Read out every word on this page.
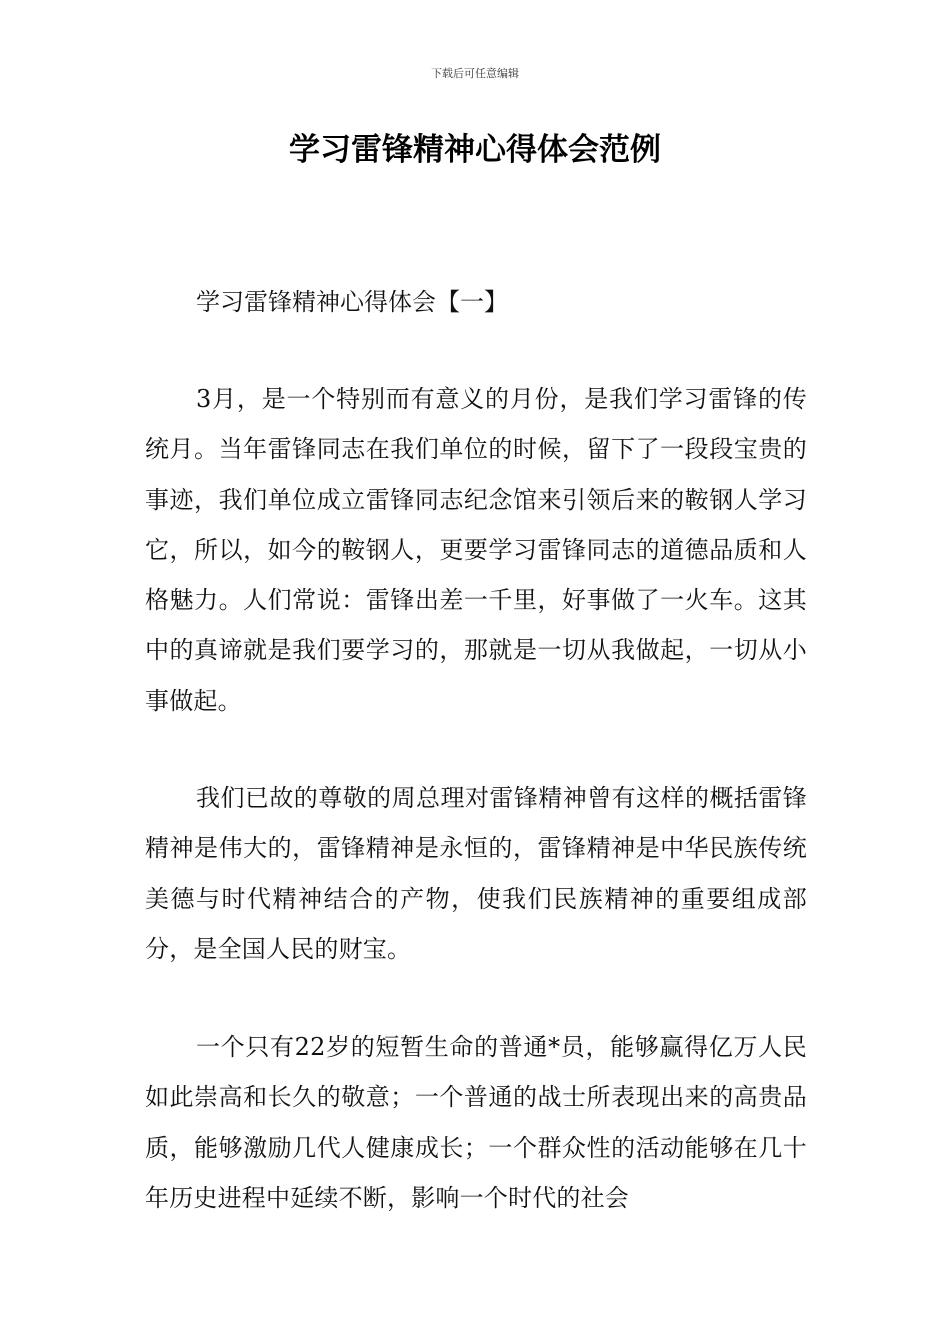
下载后可任意编辑
学习雷锋精神心得体会范例
学习雷锋精神心得体会【一】

3月，是一个特别而有意义的月份，是我们学习雷锋的传统月。当年雷锋同志在我们单位的时候，留下了一段段宝贵的事迹，我们单位成立雷锋同志纪念馆来引领后来的鞍钢人学习它，所以，如今的鞍钢人，更要学习雷锋同志的道德品质和人格魅力。人们常说：雷锋出差一千里，好事做了一火车。这其中的真谛就是我们要学习的，那就是一切从我做起，一切从小事做起。

我们已故的尊敬的周总理对雷锋精神曾有这样的概括雷锋精神是伟大的，雷锋精神是永恒的，雷锋精神是中华民族传统美德与时代精神结合的产物，使我们民族精神的重要组成部分，是全国人民的财宝。

一个只有22岁的短暂生命的普通*员，能够赢得亿万人民如此崇高和长久的敬意；一个普通的战士所表现出来的高贵品质，能够激励几代人健康成长；一个群众性的活动能够在几十年历史进程中延续不断，影响一个时代的社会
